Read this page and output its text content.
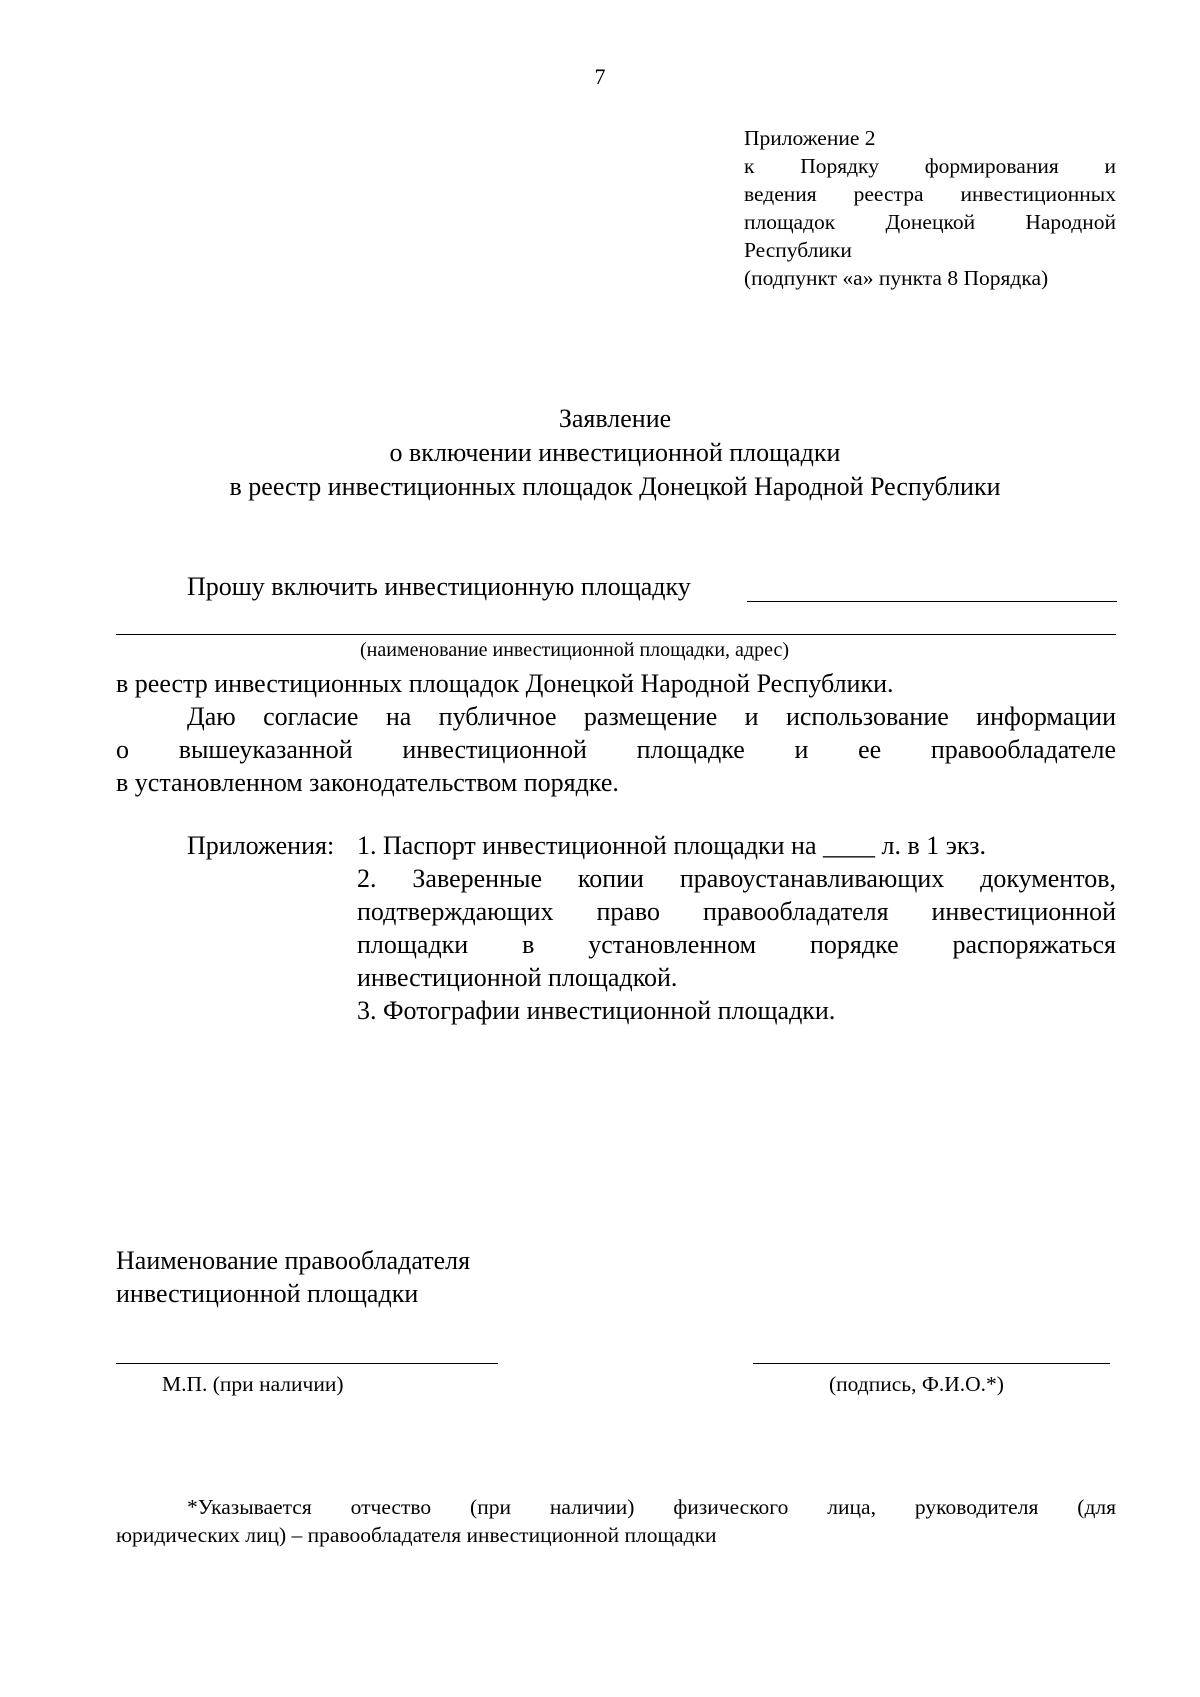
7
Приложение 2
к Порядку формирования и
ведения реестра инвестиционных
площадок Донецкой Народной
Республики
(подпункт «а» пункта 8 Порядка)
Заявление
о включении инвестиционной площадки
в реестр инвестиционных площадок Донецкой Народной Республики
Прошу включить инвестиционную площадку
(наименование инвестиционной площадки, адрес)
в реестр инвестиционных площадок Донецкой Народной Республики.
Даю согласие на публичное размещение и использование информации
о вышеуказанной инвестиционной площадке и ее правообладателе
в установленном законодательством порядке.
Приложения: 1. Паспорт инвестиционной площадки на ____ л. в 1 экз.
2. Заверенные копии правоустанавливающих документов,
подтверждающих право правообладателя инвестиционной
площадки в установленном порядке распоряжаться
инвестиционной площадкой.
3. Фотографии инвестиционной площадки.
Наименование правообладателя
инвестиционной площадки
М.П. (при наличии)	(подпись, Ф.И.О.*)
*Указывается отчество (при наличии) физического лица, руководителя (для
юридических лиц) – правообладателя инвестиционной площадки
